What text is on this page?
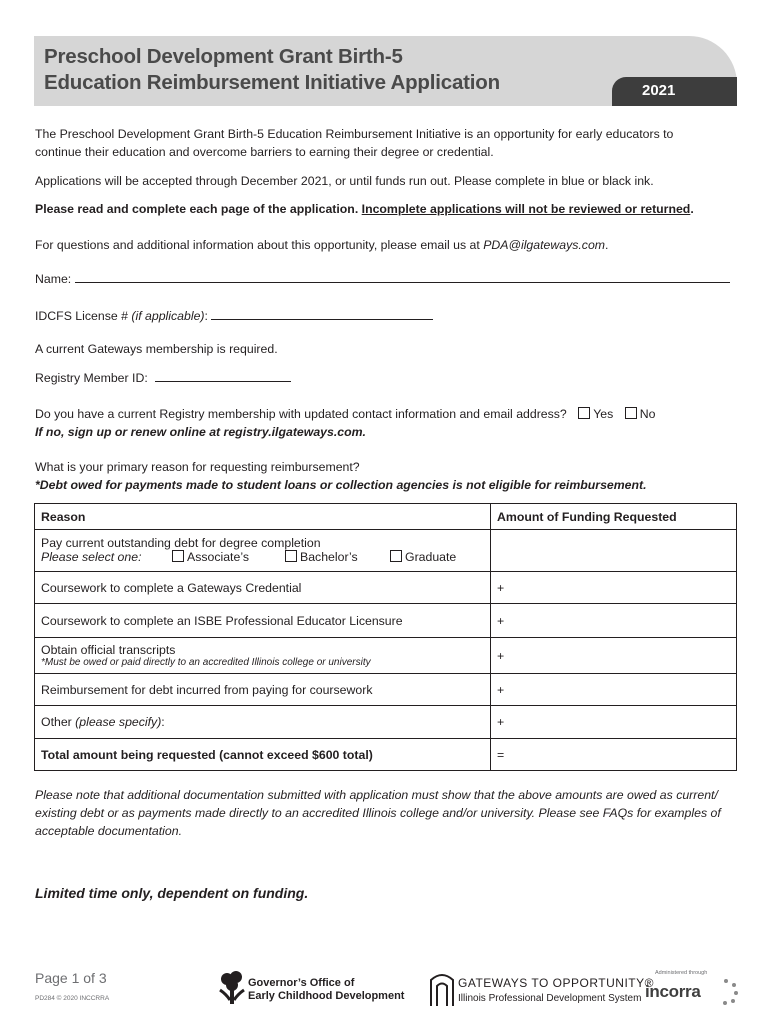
Preschool Development Grant Birth-5
Education Reimbursement Initiative Application	2021
The Preschool Development Grant Birth-5 Education Reimbursement Initiative is an opportunity for early educators to
continue their education and overcome barriers to earning their degree or credential.
Applications will be accepted through December 2021, or until funds run out. Please complete in blue or black ink.
Please read and complete each page of the application. Incomplete applications will not be reviewed or returned.
For questions and additional information about this opportunity, please email us at PDA@ilgateways.com.
Name:
IDCFS License # (if applicable):
A current Gateways membership is required.
Registry Member ID:
Do you have a current Registry membership with updated contact information and email address? Yes No
If no, sign up or renew online at registry.ilgateways.com.
What is your primary reason for requesting reimbursement?
*Debt owed for payments made to student loans or collection agencies is not eligible for reimbursement.
Reason	Amount of Funding Requested

Pay current outstanding debt for degree completion
Please select one: Associate’s Bachelor’s Graduate	

Coursework to complete a Gateways Credential	+
Coursework to complete an ISBE Professional Educator Licensure	+

Obtain official transcripts
*Must be owed or paid directly to an accredited Illinois college or university	+
Reimbursement for debt incurred from paying for coursework	+
Other (please specify):	+
Total amount being requested (cannot exceed $600 total)	=
Please note that additional documentation submitted with application must show that the above amounts are owed as current/ existing debt or as payments made directly to an accredited Illinois college and/or university. Please see FAQs for examples of acceptable documentation.
Limited time only, dependent on funding.
Page 1 of 3
PD284 © 2020 INCCRRA
Governor’s Office of
Early Childhood Development
GATEWAYS TO OPPORTUNITY®
Illinois Professional Development System
Administered through
incorra
